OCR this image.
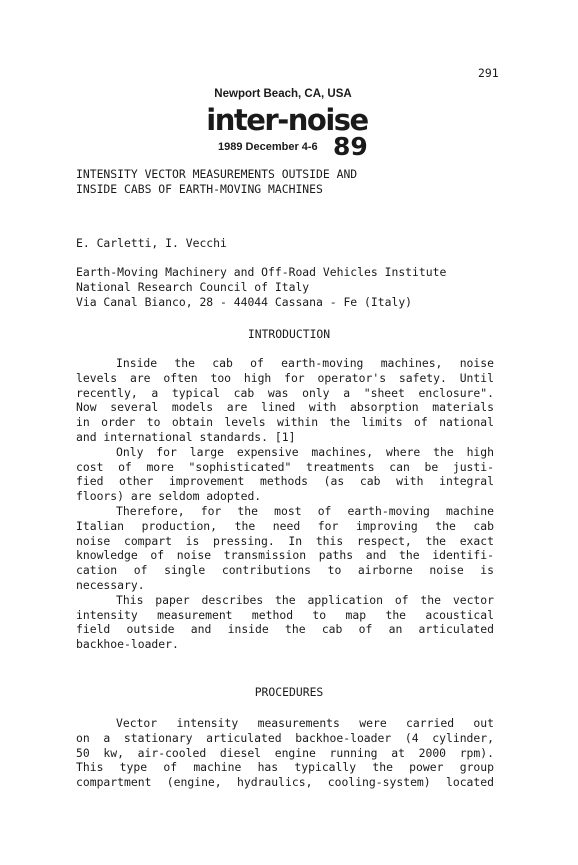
291
Newport Beach, CA, USA
inter-noise
1989 December 4-6 89
INTENSITY VECTOR MEASUREMENTS OUTSIDE AND
INSIDE CABS OF EARTH-MOVING MACHINES
E. Carletti, I. Vecchi
Earth-Moving Machinery and Off-Road Vehicles Institute
National Research Council of Italy
Via Canal Bianco, 28 - 44044 Cassana - Fe (Italy)
INTRODUCTION
Inside the cab of earth-moving machines, noise
levels are often too high for operator's safety. Until
recently, a typical cab was only a "sheet enclosure".
Now several models are lined with absorption materials
in order to obtain levels within the limits of national
and international standards. [1]
Only for large expensive machines, where the high
cost of more "sophisticated" treatments can be justi-
fied other improvement methods (as cab with integral
floors) are seldom adopted.
Therefore, for the most of earth-moving machine
Italian production, the need for improving the cab
noise compart is pressing. In this respect, the exact
knowledge of noise transmission paths and the identifi-
cation of single contributions to airborne noise is
necessary.
This paper describes the application of the vector
intensity measurement method to map the acoustical
field outside and inside the cab of an articulated
backhoe-loader.
PROCEDURES
Vector intensity measurements were carried out
on a stationary articulated backhoe-loader (4 cylinder,
50 kw, air-cooled diesel engine running at 2000 rpm).
This type of machine has typically the power group
compartment (engine, hydraulics, cooling-system) located
